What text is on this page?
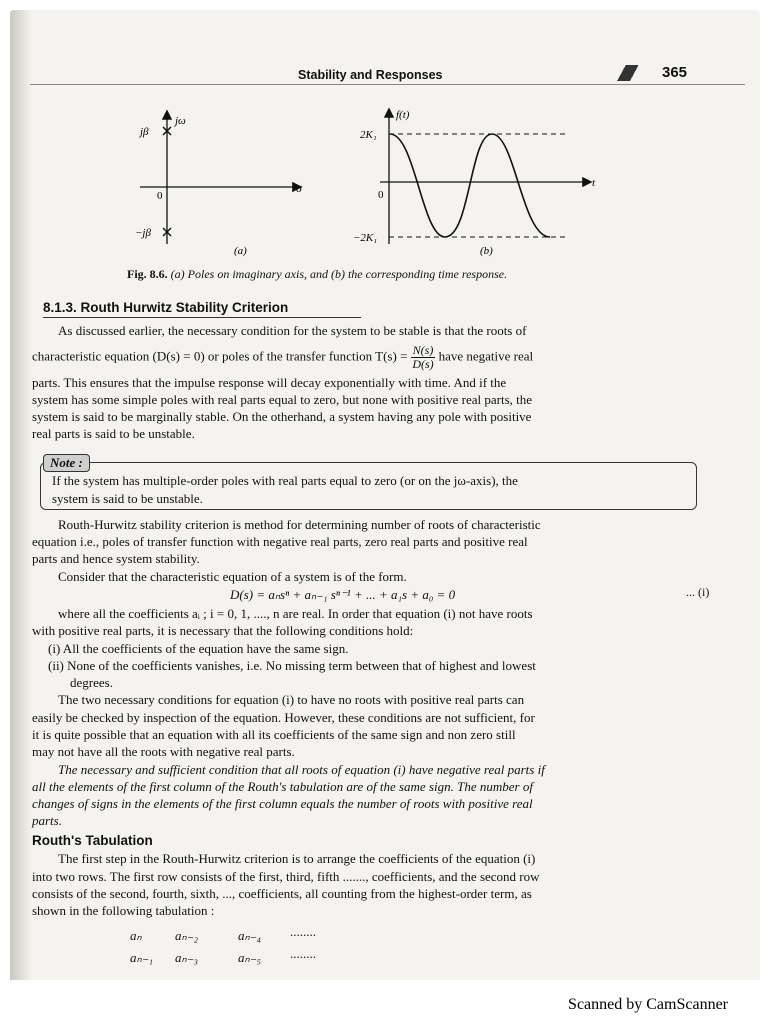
Stability and Responses	365
jω
σ
jβ
−jβ
0
(a)
f(t)
t
2K₁
−2K₁
0
(b)
Fig. 8.6. (a) Poles on imaginary axis, and (b) the corresponding time response.
8.1.3. Routh Hurwitz Stability Criterion
As discussed earlier, the necessary condition for the system to be stable is that the roots of
characteristic equation (D(s) = 0) or poles of the transfer function $T(s) = \frac{N(s)}{D(s)}$ have negative real
parts. This ensures that the impulse response will decay exponentially with time. And if the
system has some simple poles with real parts equal to zero, but none with positive real parts, the
system is said to be marginally stable. On the otherhand, a system having any pole with positive
real parts is said to be unstable.
Note :
If the system has multiple-order poles with real parts equal to zero (or on the jω-axis), the
system is said to be unstable.
Routh-Hurwitz stability criterion is method for determining number of roots of characteristic
equation i.e., poles of transfer function with negative real parts, zero real parts and positive real
parts and hence system stability.
Consider that the characteristic equation of a system is of the form.
D(s) = aₙsⁿ + aₙ₋₁ sⁿ⁻¹ + ... + a₁s + a₀ = 0	... (i)
where all the coefficients aᵢ ; i = 0, 1, ...., n are real. In order that equation (i) not have roots
with positive real parts, it is necessary that the following conditions hold:
(i) All the coefficients of the equation have the same sign.
(ii) None of the coefficients vanishes, i.e. No missing term between that of highest and lowest
degrees.
The two necessary conditions for equation (i) to have no roots with positive real parts can
easily be checked by inspection of the equation. However, these conditions are not sufficient, for
it is quite possible that an equation with all its coefficients of the same sign and non zero still
may not have all the roots with negative real parts.
The necessary and sufficient condition that all roots of equation (i) have negative real parts if
all the elements of the first column of the Routh's tabulation are of the same sign. The number of
changes of signs in the elements of the first column equals the number of roots with positive real
parts.
Routh's Tabulation
The first step in the Routh-Hurwitz criterion is to arrange the coefficients of the equation (i)
into two rows. The first row consists of the first, third, fifth ......., coefficients, and the second row
consists of the second, fourth, sixth, ..., coefficients, all counting from the highest-order term, as
shown in the following tabulation :
aₙ	aₙ₋₂	aₙ₋₄ ........
aₙ₋₁ aₙ₋₃	aₙ₋₅ ........
Scanned by CamScanner
